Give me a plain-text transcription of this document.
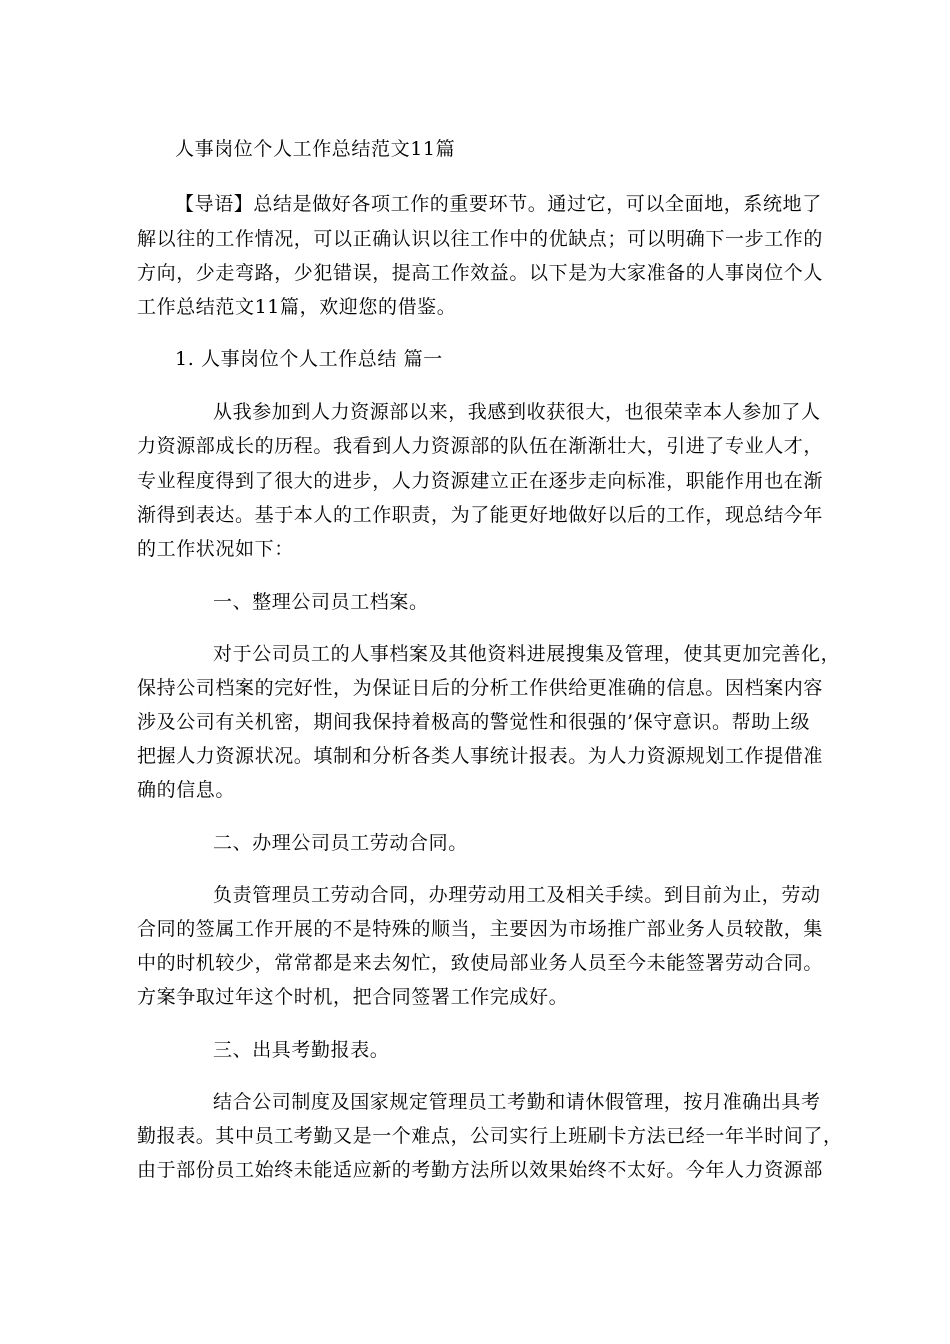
人事岗位个人工作总结范文11篇
【导语】总结是做好各项工作的重要环节。通过它，可以全面地，系统地了
解以往的工作情况，可以正确认识以往工作中的优缺点；可以明确下一步工作的
方向，少走弯路，少犯错误，提高工作效益。以下是为大家准备的人事岗位个人
工作总结范文11篇，欢迎您的借鉴。
1. 人事岗位个人工作总结 篇一
从我参加到人力资源部以来，我感到收获很大，也很荣幸本人参加了人
力资源部成长的历程。我看到人力资源部的队伍在渐渐壮大，引进了专业人才，
专业程度得到了很大的进步，人力资源建立正在逐步走向标准，职能作用也在渐
渐得到表达。基于本人的工作职责，为了能更好地做好以后的工作，现总结今年
的工作状况如下：
一、整理公司员工档案。
对于公司员工的人事档案及其他资料进展搜集及管理，使其更加完善化，
保持公司档案的完好性，为保证日后的分析工作供给更准确的信息。因档案内容
涉及公司有关机密，期间我保持着极高的警觉性和很强的’保守意识。帮助上级
把握人力资源状况。填制和分析各类人事统计报表。为人力资源规划工作提借准
确的信息。
二、办理公司员工劳动合同。
负责管理员工劳动合同，办理劳动用工及相关手续。到目前为止，劳动
合同的签属工作开展的不是特殊的顺当，主要因为市场推广部业务人员较散，集
中的时机较少，常常都是来去匆忙，致使局部业务人员至今未能签署劳动合同。
方案争取过年这个时机，把合同签署工作完成好。
三、出具考勤报表。
结合公司制度及国家规定管理员工考勤和请休假管理，按月准确出具考
勤报表。其中员工考勤又是一个难点，公司实行上班刷卡方法已经一年半时间了，
由于部份员工始终未能适应新的考勤方法所以效果始终不太好。今年人力资源部
